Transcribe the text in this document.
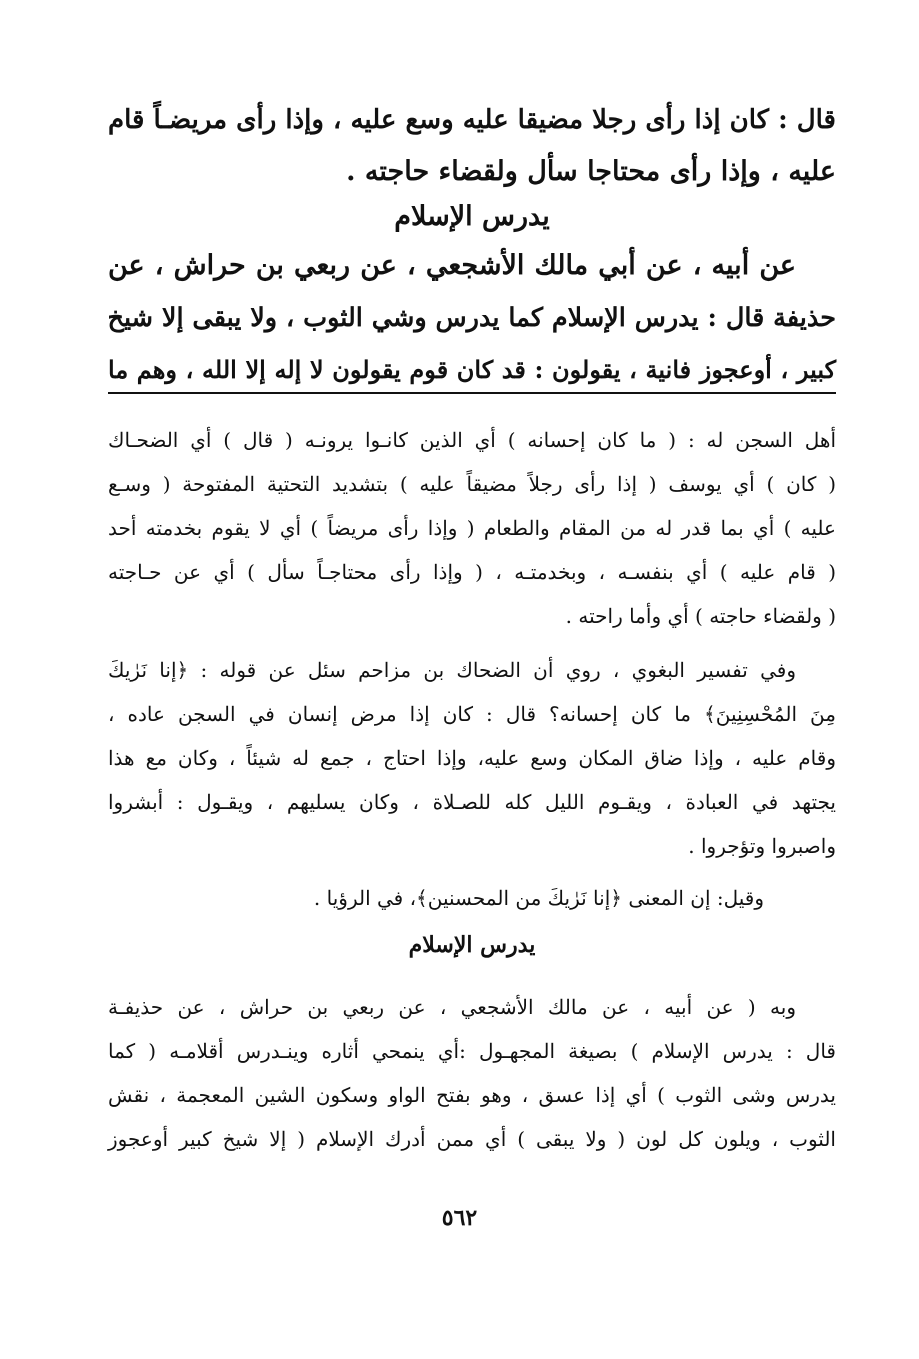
قال : كان إذا رأى رجلا مضيقا عليه وسع عليه ، وإذا رأى مريضـاً قام
عليه ، وإذا رأى محتاجا سأل ولقضاء حاجته .
يدرس الإسلام
عن أبيه ، عن أبي مالك الأشجعي ، عن ربعي بن حراش ، عن
حذيفة قال : يدرس الإسلام كما يدرس وشي الثوب ، ولا يبقى إلا شيخ
كبير ، أوعجوز فانية ، يقولون : قد كان قوم يقولون لا إله إلا الله ، وهم ما
أهل السجن له : ( ما كان إحسانه ) أي الذين كانـوا يرونـه ( قال ) أي الضحـاك
( كان ) أي يوسف ( إذا رأى رجلاً مضيقاً عليه ) بتشديد التحتية المفتوحة ( وسـع
عليه ) أي بما قدر له من المقام والطعام ( وإذا رأى مريضاً ) أي لا يقوم بخدمته أحد
( قام عليه ) أي بنفسـه ، وبخدمتـه ، ( وإذا رأى محتاجـاً سأل ) أي عن حـاجته
( ولقضاء حاجته ) أي وأما راحته .
وفي تفسير البغوي ، روي أن الضحاك بن مزاحم سئل عن قوله : ﴿إنا نَرٰيكَ
مِنَ المُحْسِنِينَ﴾ ما كان إحسانه؟ قال : كان إذا مرض إنسان في السجن عاده ،
وقام عليه ، وإذا ضاق المكان وسع عليه، وإذا احتاج ، جمع له شيئاً ، وكان مع هذا
يجتهد في العبادة ، ويقـوم الليل كله للصـلاة ، وكان يسليهم ، ويقـول : أبشروا
واصبروا وتؤجروا .
وقيل: إن المعنى ﴿إنا نَرٰيكَ من المحسنين﴾، في الرؤيا .
يدرس الإسلام
وبه ( عن أبيه ، عن مالك الأشجعي ، عن ربعي بن حراش ، عن حذيفـة
قال : يدرس الإسلام ) بصيغة المجهـول :أي ينمحي أثاره وينـدرس أقلامـه ( كما
يدرس وشى الثوب ) أي إذا عسق ، وهو بفتح الواو وسكون الشين المعجمة ، نقش
الثوب ، ويلون كل لون ( ولا يبقى ) أي ممن أدرك الإسلام ( إلا شيخ كبير أوعجوز
٥٦٢
